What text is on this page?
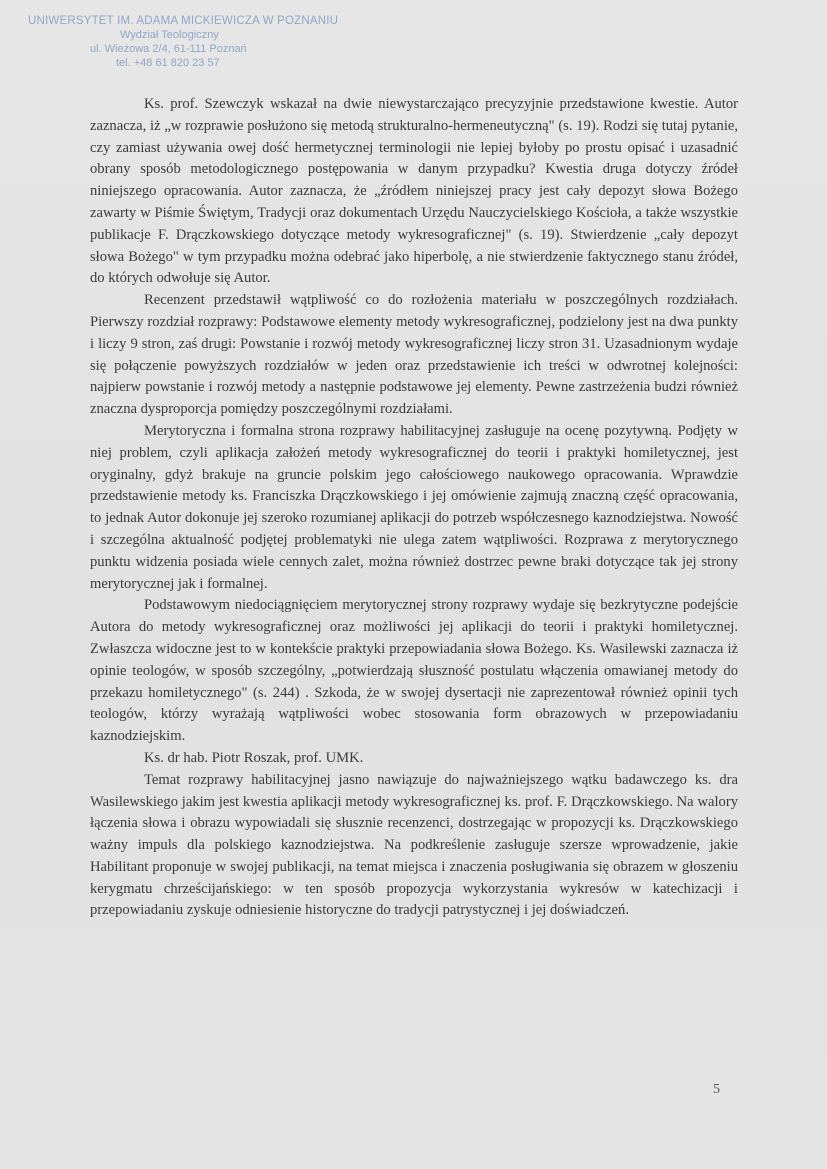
UNIWERSYTET IM. ADAMA MICKIEWICZA W POZNANIU
Wydział Teologiczny
ul. Wieżowa 2/4, 61-111 Poznań
tel. +48 61 820 23 57

Ks. prof. Szewczyk wskazał na dwie niewystarczająco precyzyjnie przedstawione kwestie. Autor zaznacza, iż „w rozprawie posłużono się metodą strukturalno-hermeneutyczną" (s. 19). Rodzi się tutaj pytanie, czy zamiast używania owej dość hermetycznej terminologii nie lepiej byłoby po prostu opisać i uzasadnić obrany sposób metodologicznego postępowania w danym przypadku? Kwestia druga dotyczy źródeł niniejszego opracowania. Autor zaznacza, że „źródłem niniejszej pracy jest cały depozyt słowa Bożego zawarty w Piśmie Świętym, Tradycji oraz dokumentach Urzędu Nauczycielskiego Kościoła, a także wszystkie publikacje F. Drączkowskiego dotyczące metody wykresograficznej" (s. 19). Stwierdzenie „cały depozyt słowa Bożego" w tym przypadku można odebrać jako hiperbolę, a nie stwierdzenie faktycznego stanu źródeł, do których odwołuje się Autor.

Recenzent przedstawił wątpliwość co do rozłożenia materiału w poszczególnych rozdziałach. Pierwszy rozdział rozprawy: Podstawowe elementy metody wykresograficznej, podzielony jest na dwa punkty i liczy 9 stron, zaś drugi: Powstanie i rozwój metody wykresograficznej liczy stron 31. Uzasadnionym wydaje się połączenie powyższych rozdziałów w jeden oraz przedstawienie ich treści w odwrotnej kolejności: najpierw powstanie i rozwój metody a następnie podstawowe jej elementy. Pewne zastrzeżenia budzi również znaczna dysproporcja pomiędzy poszczególnymi rozdziałami.

Merytoryczna i formalna strona rozprawy habilitacyjnej zasługuje na ocenę pozytywną. Podjęty w niej problem, czyli aplikacja założeń metody wykresograficznej do teorii i praktyki homiletycznej, jest oryginalny, gdyż brakuje na gruncie polskim jego całościowego naukowego opracowania. Wprawdzie przedstawienie metody ks. Franciszka Drączkowskiego i jej omówienie zajmują znaczną część opracowania, to jednak Autor dokonuje jej szeroko rozumianej aplikacji do potrzeb współczesnego kaznodziejstwa. Nowość i szczególna aktualność podjętej problematyki nie ulega zatem wątpliwości. Rozprawa z merytorycznego punktu widzenia posiada wiele cennych zalet, można również dostrzec pewne braki dotyczące tak jej strony merytorycznej jak i formalnej.

Podstawowym niedociągnięciem merytorycznej strony rozprawy wydaje się bezkrytyczne podejście Autora do metody wykresograficznej oraz możliwości jej aplikacji do teorii i praktyki homiletycznej. Zwłaszcza widoczne jest to w kontekście praktyki przepowiadania słowa Bożego. Ks. Wasilewski zaznacza iż opinie teologów, w sposób szczególny, „potwierdzają słuszność postulatu włączenia omawianej metody do przekazu homiletycznego" (s. 244) . Szkoda, że w swojej dysertacji nie zaprezentował również opinii tych teologów, którzy wyrażają wątpliwości wobec stosowania form obrazowych w przepowiadaniu kaznodziejskim.

Ks. dr hab. Piotr Roszak, prof. UMK.

Temat rozprawy habilitacyjnej jasno nawiązuje do najważniejszego wątku badawczego ks. dra Wasilewskiego jakim jest kwestia aplikacji metody wykresograficznej ks. prof. F. Drączkowskiego. Na walory łączenia słowa i obrazu wypowiadali się słusznie recenzenci, dostrzegając w propozycji ks. Drączkowskiego ważny impuls dla polskiego kaznodziejstwa. Na podkreślenie zasługuje szersze wprowadzenie, jakie Habilitant proponuje w swojej publikacji, na temat miejsca i znaczenia posługiwania się obrazem w głoszeniu kerygmatu chrześcijańskiego: w ten sposób propozycja wykorzystania wykresów w katechizacji i przepowiadaniu zyskuje odniesienie historyczne do tradycji patrystycznej i jej doświadczeń.

5
